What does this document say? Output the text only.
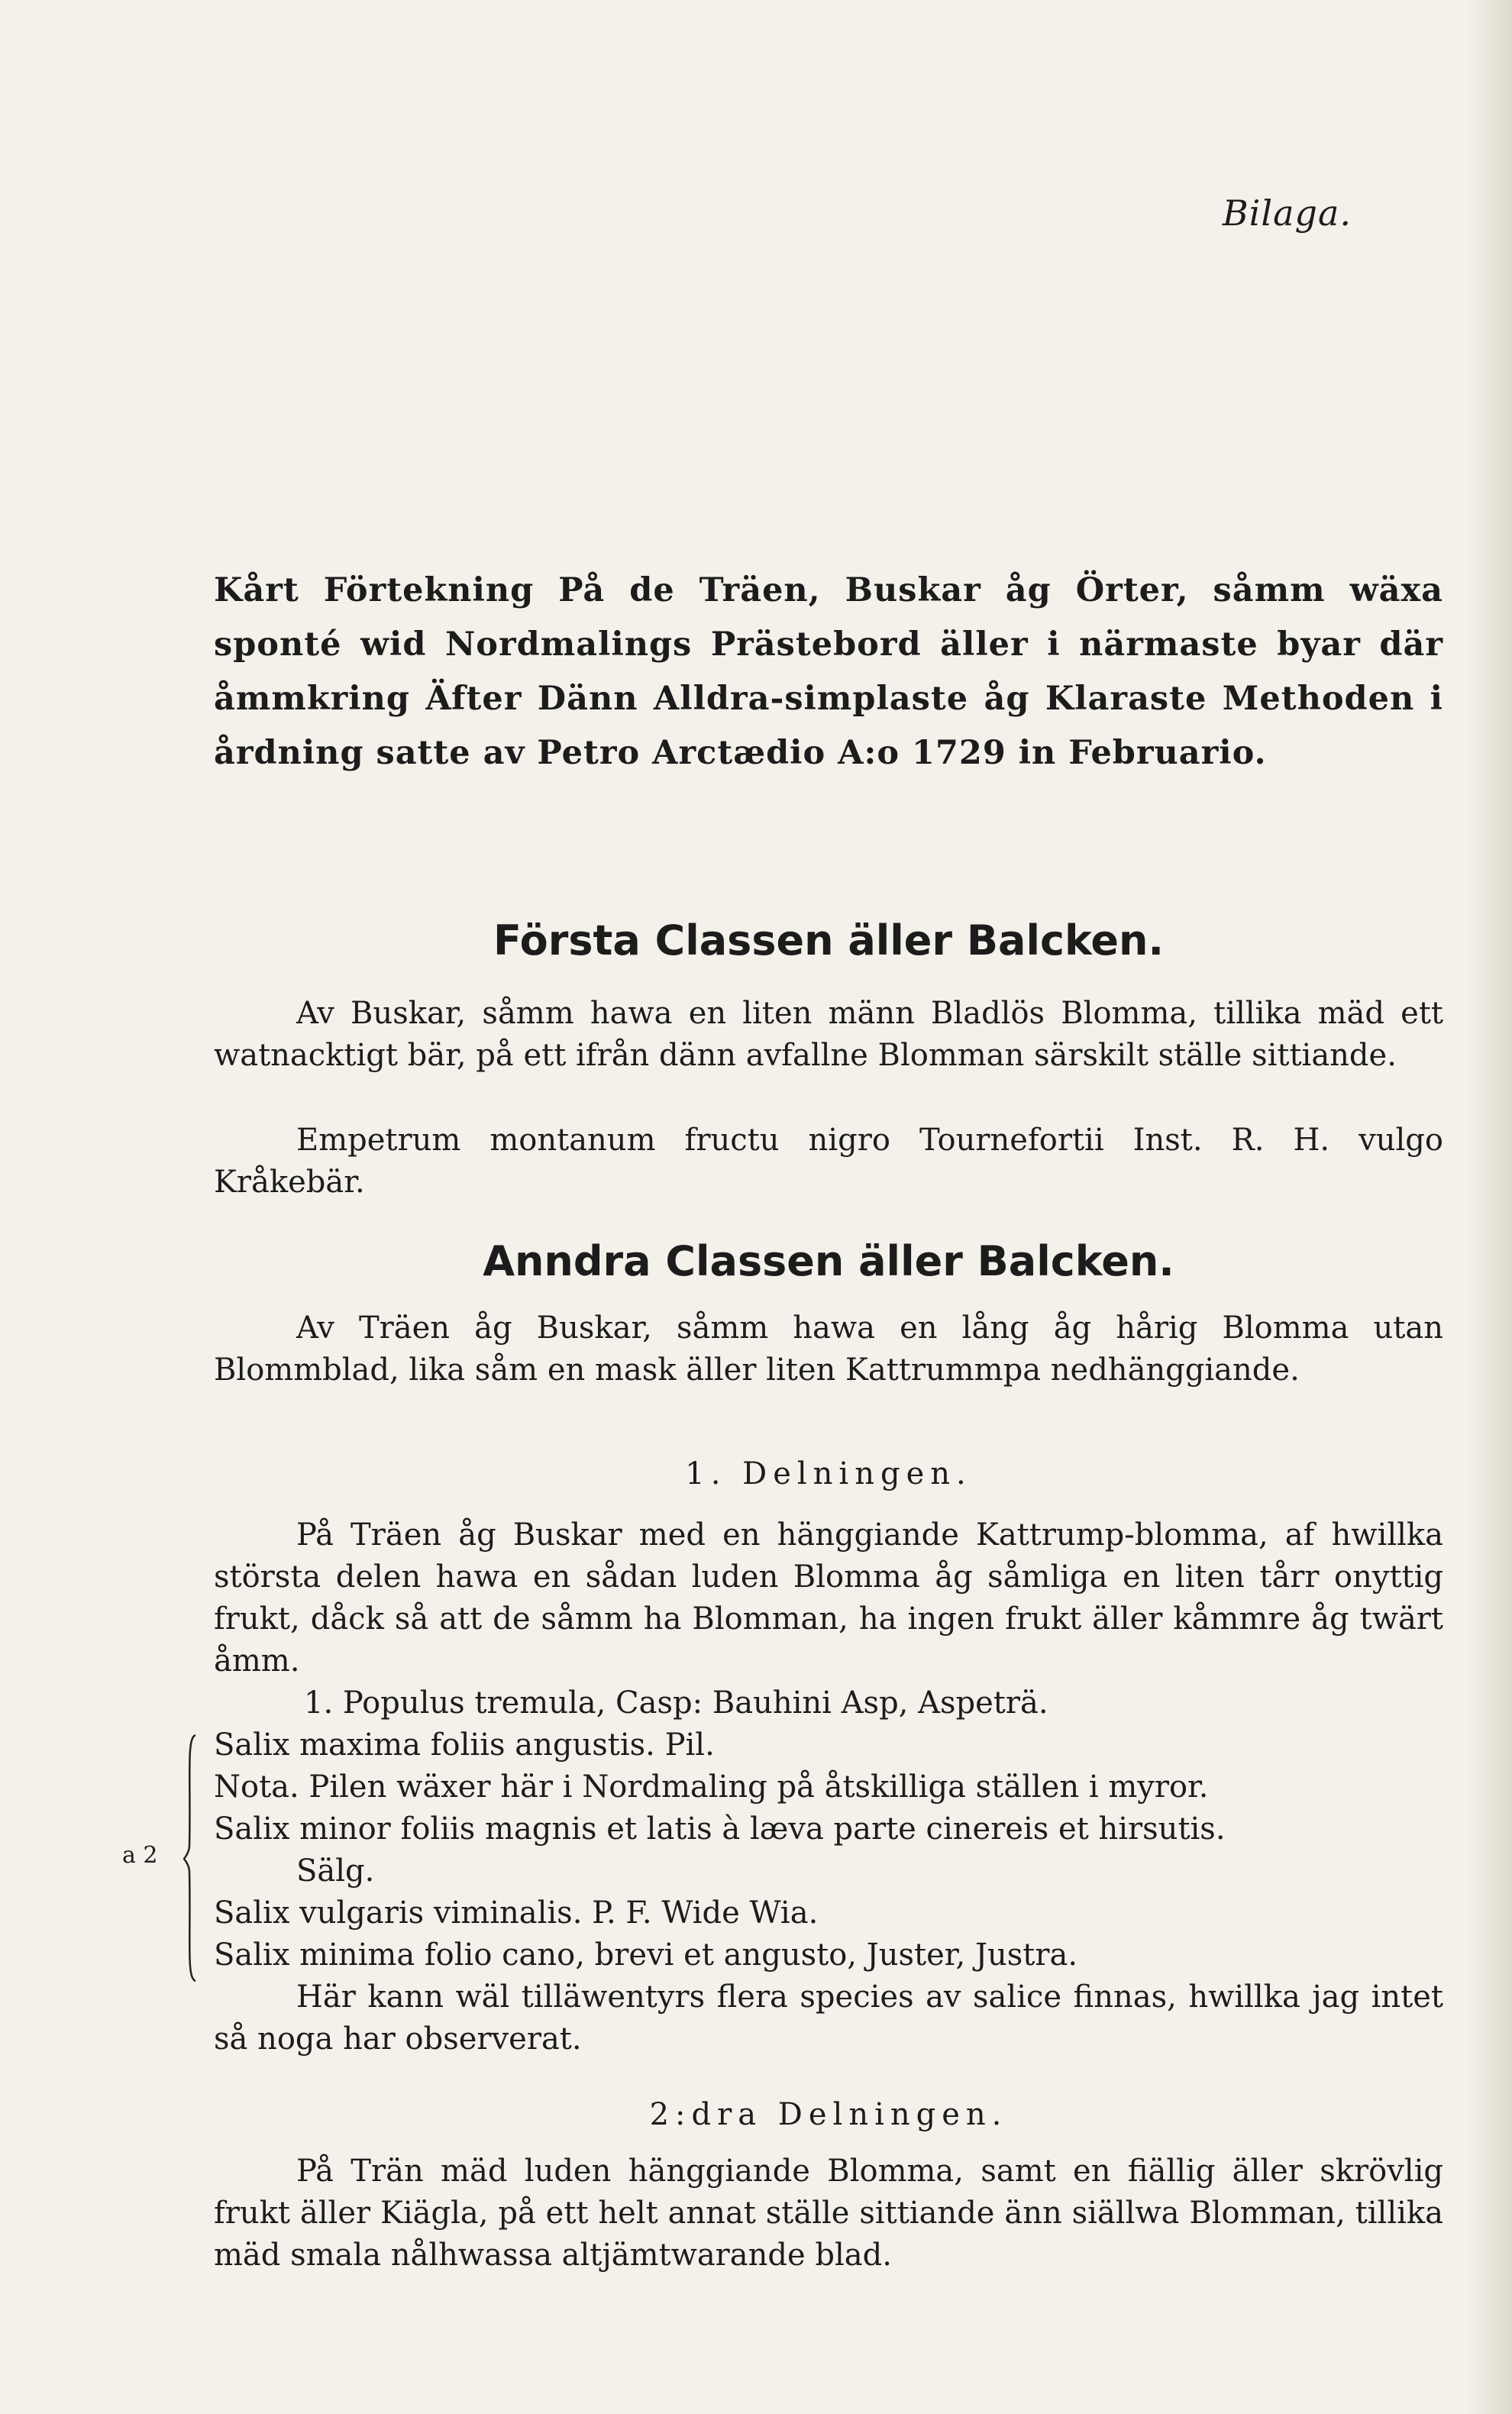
Bilaga.

Kårt Förtekning På de Träen, Buskar åg Örter, såmm wäxa sponté wid Nordmalings Prästebord äller i närmaste byar där åmmkring Äfter Dänn Alldra-simplaste åg Klaraste Methoden i årdning satte av Petro Arctædio A:o 1729 in Februario.

Första Classen äller Balcken.

Av Buskar, såmm hawa en liten männ Bladlös Blomma, tillika mäd ett watnacktigt bär, på ett ifrån dänn avfallne Blomman särskilt ställe sittiande.

Empetrum montanum fructu nigro Tournefortii Inst. R. H. vulgo Kråkebär.

Anndra Classen äller Balcken.

Av Träen åg Buskar, såmm hawa en lång åg hårig Blomma utan Blommblad, lika såm en mask äller liten Kattrummpa nedhänggiande.

1. Delningen.

På Träen åg Buskar med en hänggiande Kattrump-blomma, af hwillka största delen hawa en sådan luden Blomma åg såmliga en liten tårr onyttig frukt, dåck så att de såmm ha Blomman, ha ingen frukt äller kåmmre åg twärt åmm.

1. Populus tremula, Casp: Bauhini Asp, Aspeträ.
Salix maxima foliis angustis. Pil.
Nota. Pilen wäxer här i Nordmaling på åtskilliga ställen i myror.
Salix minor foliis magnis et latis à læva parte cinereis et hirsutis.
Sälg.
Salix vulgaris viminalis. P. F. Wide Wia.
Salix minima folio cano, brevi et angusto, Juster, Justra.
a 2

Här kann wäl tilläwentyrs flera species av salice finnas, hwillka jag intet så noga har observerat.

2:dra Delningen.

På Trän mäd luden hänggiande Blomma, samt en fiällig äller skrövlig frukt äller Kiägla, på ett helt annat ställe sittiande änn siällwa Blomman, tillika mäd smala nålhwassa altjämtwarande blad.
